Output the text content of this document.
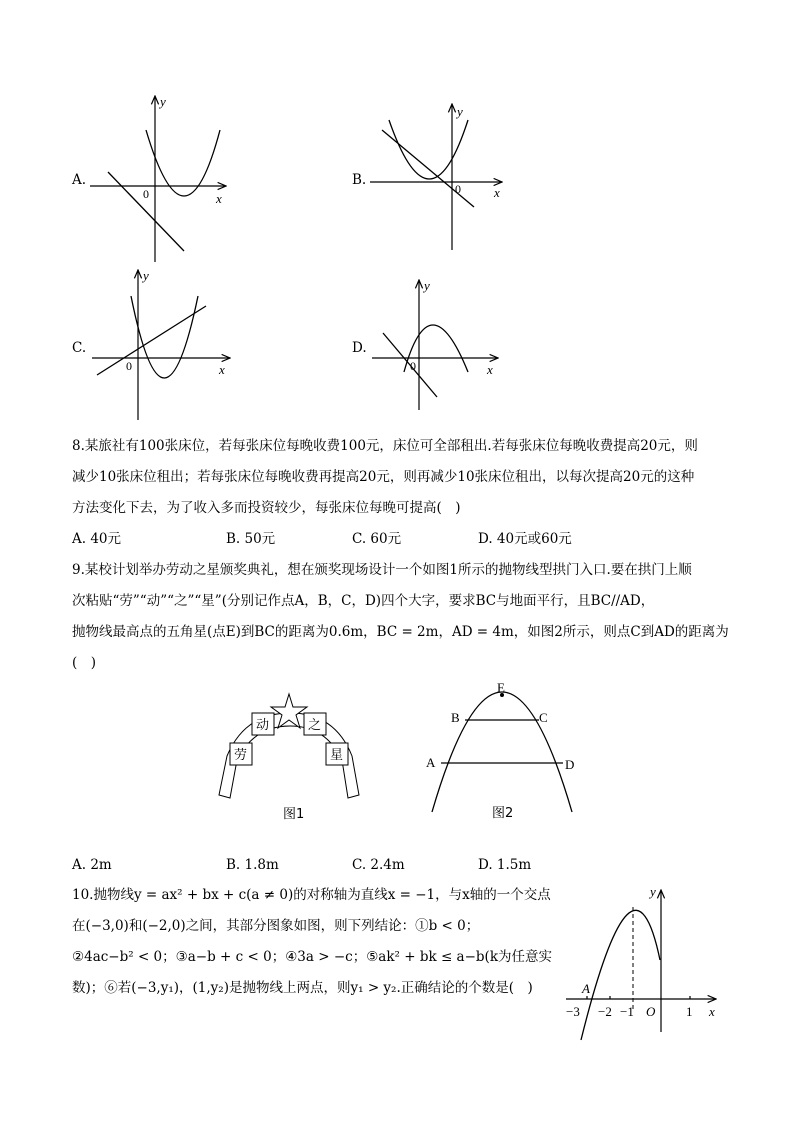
A.
y
x
0
B.
y
x
0
C.
y
x
0
D.
y
x
0
8.某旅社有100张床位，若每张床位每晚收费100元，床位可全部租出.若每张床位每晚收费提高20元，则
减少10张床位租出；若每张床位每晚收费再提高20元，则再减少10张床位租出，以每次提高20元的这种
方法变化下去，为了收入多而投资较少，每张床位每晚可提高(　)
A. 40元	B. 50元	C. 60元	D. 40元或60元
9.某校计划举办劳动之星颁奖典礼，想在颁奖现场设计一个如图1所示的抛物线型拱门入口.要在拱门上顺
次粘贴“劳”“动”“之”“星”(分别记作点A，B，C，D)四个大字，要求BC与地面平行，且BC//AD，
抛物线最高点的五角星(点E)到BC的距离为0.6m，BC = 2m，AD = 4m，如图2所示，则点C到AD的距离为
(　)
动	之
劳	星
图1
E
B	C
A	D
图2
A. 2m	B. 1.8m	C. 2.4m	D. 1.5m
10.抛物线y = ax² + bx + c(a ≠ 0)的对称轴为直线x = −1，与x轴的一个交点
在(−3,0)和(−2,0)之间，其部分图象如图，则下列结论：①b < 0；
②4ac−b² < 0；③a−b + c < 0；④3a > −c；⑤ak² + bk ≤ a−b(k为任意实
数)；⑥若(−3,y₁)，(1,y₂)是抛物线上两点，则y₁ > y₂.正确结论的个数是(　)
y
x
A
O
−3 −2 −1	1
